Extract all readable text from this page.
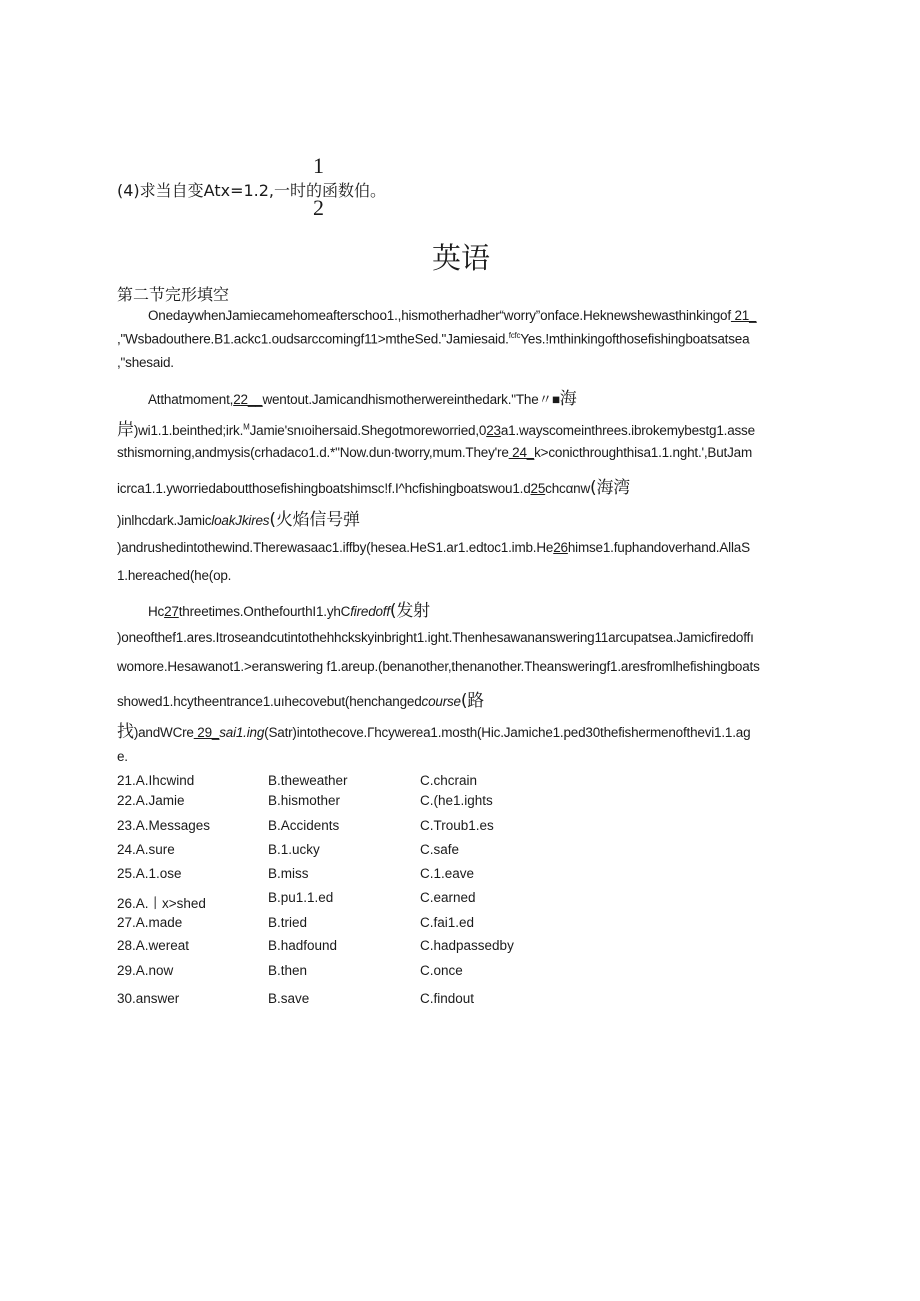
(4)求当自变Atx=1.2,一时的函数伯。
1
2
英语
第二节完形填空
OnedaywhenJamiecamehomeafterschoo1.,hismotherhadher“worry”onface.Heknewshewasthinkingof 21_
,"Wsbadouthere.B1.ackc1.oudsarccomingf11>mtheSed."Jamiesaid.$^{fcfc}$Yes.!mthinkingofthosefishingboatsatsea
,"shesaid.
Atthatmoment,22__wentout.Jamicandhismotherwereinthedark."The〃■海
岸)wi1.1.beinthed;irk.$^M$Jamie'snıoihersaid.Shegotmoreworried,023a1.wayscomeinthrees.ibrokemybestg1.asse
sthismorning,andmysis(crhadaco1.d.*"Now.dun∙tworry,mum.They're 24_k>conicthroughthisa1.1.nght.',ButJam
icrca1.1.yworriedaboutthosefishingboatshimsc!f.I^hcfishingboatswou1.d25chcαnw(海湾
)inlhcdark.JamicloakJkires(火焰信号弹
)andrushedintothewind.Therewasaac1.iffby(hesea.HeS1.ar1.edtoc1.imb.He26himse1.fuphandoverhand.AllaS
1.hereached(he(op.
Hc27threetimes.OnthefourthI1.yhCfiredoff(发射
)oneofthef1.ares.Itroseandcutintothehhckskyinbright1.ight.Thenhesawananswering11arcupatsea.Jamicfiredoffı
womore.Hesawanot1.>eranswering f1.areup.(benanother,thenanother.Theansweringf1.aresfromlhefishingboats
showed1.hcytheentrance1.uıhecovebut(henchangedcourse(路
找)andWCre 29_sai1.ing(Satr)intothecove.Гhcywerea1.mosth(Hic.Jamiche1.ped30thefishermenofthevi1.1.ag
e.
21.A.Ihcwind	B.theweather	C.chcrain
22.A.Jamie	B.hismother	C.(he1.ights
23.A.Messages	B.Accidents	C.Troub1.es
24.A.sure	B.1.ucky	C.safe
25.A.1.ose	B.miss	C.1.eave
26.A.丨x>shed	B.pu1.1.ed	C.earned
27.A.made	B.tried	C.fai1.ed
28.A.wereat	B.hadfound	C.hadpassedby
29.A.now	B.then	C.once
30.answer	B.save	C.findout
